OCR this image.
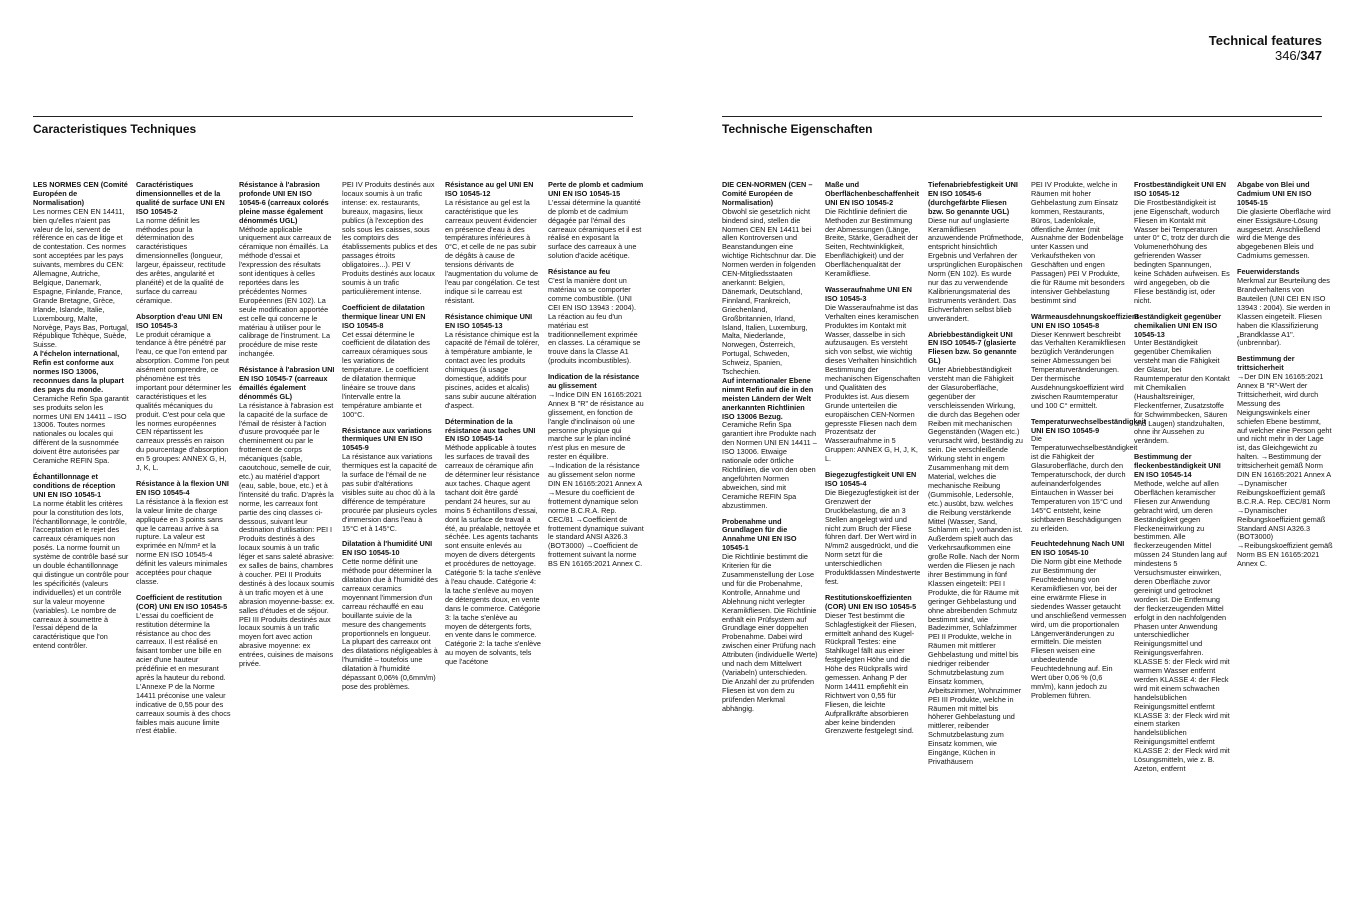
Technical features
346/347
Caracteristiques Techniques	Technische Eigenschaften
LES NORMES CEN (Comité Européen de Normalisation)

Les normes CEN EN 14411, bien qu'elles n'aient pas valeur de loi, servent de référence en cas de litige et de contestation. Ces normes sont acceptées par les pays suivants, membres du CEN: Allemagne, Autriche, Belgique, Danemark, Espagne, Finlande, France, Grande Bretagne, Grèce, Irlande, Islande, Italie, Luxembourg, Malte, Norvège, Pays Bas, Portugal, République Tchèque, Suède, Suisse.

A l'échelon international, Refin est conforme aux normes ISO 13006, reconnues dans la plupart des pays du monde.

Ceramiche Refin Spa garantit ses produits selon les normes UNI EN 14411 – ISO 13006. Toutes normes nationales ou locales qui diffèrent de la susnommée doivent être autorisées par Ceramiche REFIN Spa.

Échantillonnage et conditions de réception UNI EN ISO 10545-1

La norme établit les critères pour la constitution des lots, l'échantillonnage, le contrôle, l'acceptation et le rejet des carreaux céramiques non posés. La norme fournit un système de contrôle basé sur un double échantillonnage qui distingue un contrôle pour les spécificités (valeurs individuelles) et un contrôle sur la valeur moyenne (variables). Le nombre de carreaux à soumettre à l'essai dépend de la caractéristique que l'on entend contrôler.

Caractéristiques dimensionnelles et de la qualité de surface UNI EN ISO 10545-2

La norme définit les méthodes pour la détermination des caractéristiques dimensionnelles (longueur, largeur, épaisseur, rectitude des arêtes, angularité et planéité) et de la qualité de surface du carreau céramique.

Absorption d'eau UNI EN ISO 10545-3

Le produit céramique a tendance à être pénétré par l'eau, ce que l'on entend par absorption. Comme l'on peut aisément comprendre, ce phénomène est très important pour déterminer les caractéristiques et les qualités mécaniques du produit. C'est pour cela que les normes européennes CEN répartissent les carreaux pressés en raison du pourcentage d'absorption en 5 groupes: ANNEX G, H, J, K, L.

Résistance à la flexion UNI EN ISO 10545-4

La résistance à la flexion est la valeur limite de charge appliquée en 3 points sans que le carreau arrive à sa rupture. La valeur est exprimée en N/mm² et la norme EN ISO 10545-4 définit les valeurs minimales acceptées pour chaque classe.

Coefficient de restitution (COR) UNI EN ISO 10545-5

L'essai du coefficient de restitution détermine la résistance au choc des carreaux. Il est réalisé en faisant tomber une bille en acier d'une hauteur prédéfinie et en mesurant après la hauteur du rebond. L'Annexe P de la Norme 14411 préconise une valeur indicative de 0,55 pour des carreaux soumis à des chocs faibles mais aucune limite n'est établie.

Résistance à l'abrasion profonde UNI EN ISO 10545-6 (carreaux colorés pleine masse également dénommés UGL)

Méthode applicable uniquement aux carreaux de céramique non émaillés. La méthode d'essai et l'expression des résultats sont identiques à celles reportées dans les précédentes Normes Européennes (EN 102). La seule modification apportée est celle qui concerne le matériau à utiliser pour le calibrage de l'instrument. La procédure de mise reste inchangée.

Résistance à l'abrasion UNI EN ISO 10545-7 (carreaux émaillés également dénommés GL)

La résistance à l'abrasion est la capacité de la surface de l'émail de résister à l'action d'usure provoquée par le cheminement ou par le frottement de corps mécaniques (sable, caoutchouc, semelle de cuir, etc.) au matériel d'apport (eau, sable, boue, etc.) et à l'intensité du trafic. D'après la norme, les carreaux font partie des cinq classes ci-dessous, suivant leur destination d'utilisation: PEI I Produits destinés à des locaux soumis à un trafic léger et sans saleté abrasive: ex salles de bains, chambres à coucher. PEI II Produits destinés à des locaux soumis à un trafic moyen et à une abrasion moyenne-basse: ex. salles d'études et de séjour. PEI III Produits destinés aux locaux soumis à un trafic moyen fort avec action abrasive moyenne: ex entrées, cuisines de maisons privée.

PEI IV Produits destinés aux locaux soumis à un trafic intense: ex. restaurants, bureaux, magasins, lieux publics (à l'exception des sols sous les caisses, sous les comptoirs des établissements publics et des passages étroits obligatoires...). PEI V Produits destinés aux locaux soumis à un trafic particulièrement intense.

Coefficient de dilatation thermique linear UNI EN ISO 10545-8

Cet essai détermine le coefficient de dilatation des carreaux céramiques sous les variations de température. Le coefficient de dilatation thermique linéaire se trouve dans l'intervalle entre la température ambiante et 100°C.

Résistance aux variations thermiques UNI EN ISO 10545-9

La résistance aux variations thermiques est la capacité de la surface de l'émail de ne pas subir d'altérations visibles suite au choc dû à la différence de température procurée par plusieurs cycles d'immersion dans l'eau à 15°C et à 145°C.

Dilatation à l'humidité UNI EN ISO 10545-10

Cette norme définit une méthode pour déterminer la dilatation due à l'humidité des carreaux ceramics moyennant l'immersion d'un carreau réchauffé en eau bouillante suivie de la mesure des changements proportionnels en longueur. La plupart des carreaux ont des dilatations négligeables à l'humidité – toutefois une dilatation à l'humidité dépassant 0,06% (0,6mm/m) pose des problèmes.

Résistance au gel UNI EN ISO 10545-12

La résistance au gel est la caractéristique que les carreaux peuvent évidencier en présence d'eau à des températures inférieures à 0°C, et celle de ne pas subir de dégâts à cause de tensions dérivants de l'augmentation du volume de l'eau par congélation. Ce test indique si le carreau est résistant.

Résistance chimique UNI EN ISO 10545-13

La résistance chimique est la capacité de l'émail de tolérer, à température ambiante, le contact avec les produits chimiques (à usage domestique, additifs pour piscines, acides et alcalis) sans subir aucune altération d'aspect.

Détermination de la résistance aux taches UNI EN ISO 10545-14

Méthode applicable à toutes les surfaces de travail des carreaux de céramique afin de déterminer leur résistance aux taches. Chaque agent tachant doit être gardé pendant 24 heures, sur au moins 5 échantillons d'essai, dont la surface de travail a été, au préalable, nettoyée et séchée. Les agents tachants sont ensuite enlevés au moyen de divers détergents et procédures de nettoyage. Catégorie 5: la tache s'enlève à l'eau chaude. Catégorie 4: la tache s'enlève au moyen de détergents doux, en vente dans le commerce. Catégorie 3: la tache s'enlève au moyen de détergents forts, en vente dans le commerce. Catégorie 2: la tache s'enlève au moyen de solvants, tels que l'acétone

Perte de plomb et cadmium UNI EN ISO 10545-15

L'essai détermine la quantité de plomb et de cadmium dégagée par l'émail des carreaux céramiques et il est réalisé en exposant la surface des carreaux à une solution d'acide acétique.

Résistance au feu

C'est la manière dont un matériau va se comporter comme combustible. (UNI CEI EN ISO 13943 : 2004). La réaction au feu d'un matériau est traditionnellement exprimée en classes. La céramique se trouve dans la Classe A1 (produits incombustibles).

Indication de la résistance au glissement

→Indice DIN EN 16165:2021 Annex B "R" de résistance au glissement, en fonction de l'angle d'inclinaison où une personne physique qui marche sur le plan incliné n'est plus en mesure de rester en équilibre. →Indication de la résistance au glissement selon norme DIN EN 16165:2021 Annex A →Mesure du coefficient de frottement dynamique selon norme B.C.R.A. Rep. CEC/81 →Coefficient de frottement dynamique suivant le standard ANSI A326.3 (BOT3000) →Coefficient de frottement suivant la norme BS EN 16165:2021 Annex C.

DIE CEN-NORMEN (CEN – Comité Européen de Normalisation)

Obwohl sie gesetzlich nicht bindend sind, stellen die Normen CEN EN 14411 bei allen Kontroversen und Beanstandungen eine wichtige Richtschnur dar. Die Normen werden in folgenden CEN-Mitgliedsstaaten anerkannt: Belgien, Dänemark, Deutschland, Finnland, Frankreich, Griechenland, Großbritannien, Irland, Island, Italien, Luxemburg, Malta, Niederlande, Norwegen, Österreich, Portugal, Schweden, Schweiz, Spanien, Tschechien.

Auf internationaler Ebene nimmt Refin auf die in den meisten Ländern der Welt anerkannten Richtlinien ISO 13006 Bezug.

Ceramiche Refin Spa garantiert ihre Produkte nach den Normen UNI EN 14411 – ISO 13006. Etwaige nationale oder örtliche Richtlinien, die von den oben angeführten Normen abweichen, sind mit Ceramiche REFIN Spa abzustimmen.

Probenahme und Grundlagen für die Annahme UNI EN ISO 10545-1

Die Richtlinie bestimmt die Kriterien für die Zusammenstellung der Lose und für die Probenahme, Kontrolle, Annahme und Ablehnung nicht verlegter Keramikfliesen. Die Richtlinie enthält ein Prüfsystem auf Grundlage einer doppelten Probenahme. Dabei wird zwischen einer Prüfung nach Attributen (individuelle Werte) und nach dem Mittelwert (Variabeln) unterschieden. Die Anzahl der zu prüfenden Fliesen ist von dem zu prüfenden Merkmal abhängig.

Maße und Oberflächenbeschaffenheit UNI EN ISO 10545-2

Die Richtlinie definiert die Methoden zur Bestimmung der Abmessungen (Länge, Breite, Stärke, Geradheit der Seiten, Rechtwinkligkeit, Ebenflächigkeit) und der Oberflächenqualität der Keramikfliese.

Wasseraufnahme UNI EN ISO 10545-3

Die Wasseraufnahme ist das Verhalten eines keramischen Produktes im Kontakt mit Wasser, dasselbe in sich aufzusaugen. Es versteht sich von selbst, wie wichtig dieses Verhalten hinsichtlich Bestimmung der mechanischen Eigenschaften und Qualitäten des Produktes ist. Aus diesem Grunde unterteilen die europäischen CEN-Normen gepresste Fliesen nach dem Prozentsatz der Wasseraufnahme in 5 Gruppen: ANNEX G, H, J, K, L.

Biegezugfestigkeit UNI EN ISO 10545-4

Die Biegezugfestigkeit ist der Grenzwert der Druckbelastung, die an 3 Stellen angelegt wird und nicht zum Bruch der Fliese führen darf. Der Wert wird in N/mm2 ausgedrückt, und die Norm setzt für die unterschiedlichen Produktklassen Mindestwerte fest.

Restitutionskoeffizienten (COR) UNI EN ISO 10545-5

Dieser Test bestimmt die Schlagfestigkeit der Fliesen, ermittelt anhand des Kugel-Rückprall Testes: eine Stahlkugel fällt aus einer festgelegten Höhe und die Höhe des Rückpralls wird gemessen. Anhang P der Norm 14411 empfiehlt ein Richtwert von 0,55 für Fliesen, die leichte Aufprallkräfte absorbieren aber keine bindenden Grenzwerte festgelegt sind.

Tiefenabriebfestigkeit UNI EN ISO 10545-6 (durchgefärbte Fliesen bzw. So genannte UGL)

Diese nur auf unglasierte Keramikfliesen anzuwendende Prüfmethode, entspricht hinsichtlich Ergebnis und Verfahren der ursprünglichen Europäischen Norm (EN 102). Es wurde nur das zu verwendende Kalibrierungsmaterial des Instruments verändert. Das Eichverfahren selbst blieb unverändert.

Abriebbeständigkeit UNI EN ISO 10545-7 (glasierte Fliesen bzw. So genannte GL)

Unter Abriebbeständigkeit versteht man die Fähigkeit der Glasuroberfläche, gegenüber der verschleissenden Wirkung, die durch das Begehen oder Reiben mit mechanischen Gegenständen (Wagen etc.) verursacht wird, beständig zu sein. Die verschleißende Wirkung steht in engem Zusammenhang mit dem Material, welches die mechanische Reibung (Gummisohle, Ledersohle, etc.) ausübt, bzw. welches die Reibung verstärkende Mittel (Wasser, Sand, Schlamm etc.) vorhanden ist. Außerdem spielt auch das Verkehrsaufkommen eine große Rolle. Nach der Norm werden die Fliesen je nach ihrer Bestimmung in fünf Klassen eingeteilt: PEI I Produkte, die für Räume mit geringer Gehbelastung und ohne abreibenden Schmutz bestimmt sind, wie Badezimmer, Schlafzimmer PEI II Produkte, welche in Räumen mit mittlerer Gehbelastung und mittel bis niedriger reibender Schmutzbelastung zum Einsatz kommen, Arbeitszimmer, Wohnzimmer PEI III Produkte, welche in Räumen mit mittel bis höherer Gehbelastung und mittlerer, reibender Schmutzbelastung zum Einsatz kommen, wie Eingänge, Küchen in Privathäusern

PEI IV Produkte, welche in Räumen mit hoher Gehbelastung zum Einsatz kommen, Restaurants, Büros, Ladenlokale, öffentliche Ämter (mit Ausnahme der Bodenbeläge unter Kassen und Verkaufstheken von Geschäften und engen Passagen) PEI V Produkte, die für Räume mit besonders intensiver Gehbelastung bestimmt sind

Wärmeausdehnungskoeffizient UNI EN ISO 10545-8

Dieser Kennwert beschreibt das Verhalten Keramikfliesen bezüglich Veränderungen seiner Abmessungen bei Temperaturveränderungen. Der thermische Ausdehnungskoeffizient wird zwischen Raumtemperatur und 100 C° ermittelt.

Temperaturwechselbeständigkeit UNI EN ISO 10545-9

Die Temperaturwechselbeständigkeit ist die Fähigkeit der Glasuroberfläche, durch den Temperaturschock, der durch aufeinanderfolgendes Eintauchen in Wasser bei Temperaturen von 15°C und 145°C entsteht, keine sichtbaren Beschädigungen zu erleiden.

Feuchtedehnung Nach UNI EN ISO 10545-10

Die Norm gibt eine Methode zur Bestimmung der Feuchtedehnung von Keramikfliesen vor, bei der eine erwärmte Fliese in siedendes Wasser getaucht und anschließend vermessen wird, um die proportionalen Längenveränderungen zu ermitteln. Die meisten Fliesen weisen eine unbedeutende Feuchtedehnung auf. Ein Wert über 0,06 % (0,6 mm/m), kann jedoch zu Problemen führen.

Frostbeständigkeit UNI EN ISO 10545-12

Die Frostbeständigkeit ist jene Eigenschaft, wodurch Fliesen im Kontakt mit Wasser bei Temperaturen unter 0° C, trotz der durch die Volumenerhöhung des gefrierenden Wasser bedingten Spannungen, keine Schäden aufweisen. Es wird angegeben, ob die Fliese beständig ist, oder nicht.

Beständigkeit gegenüber chemikalien UNI EN ISO 10545-13

Unter Beständigkeit gegenüber Chemikalien versteht man die Fähigkeit der Glasur, bei Raumtemperatur den Kontakt mit Chemikalien (Haushaltsreiniger, Fleckentferner, Zusatzstoffe für Schwimmbecken, Säuren und Laugen) standzuhalten, ohne ihr Aussehen zu verändern.

Bestimmung der fleckenbeständigkeit UNI EN ISO 10545-14

Methode, welche auf allen Oberflächen keramischer Fliesen zur Anwendung gebracht wird, um deren Beständigkeit gegen Fleckeneinwirkung zu bestimmen. Alle fleckerzeugenden Mittel müssen 24 Stunden lang auf mindestens 5 Versuchsmuster einwirken, deren Oberfläche zuvor gereinigt und getrocknet worden ist. Die Entfernung der fleckerzeugenden Mittel erfolgt in den nachfolgenden Phasen unter Anwendung unterschiedlicher Reinigungsmittel und Reinigungsverfahren. KLASSE 5: der Fleck wird mit warmem Wasser entfernt werden KLASSE 4: der Fleck wird mit einem schwachen handelsüblichen Reinigungsmittel entfernt KLASSE 3: der Fleck wird mit einem starken handelsüblichen Reinigungsmittel entfernt KLASSE 2: der Fleck wird mit Lösungsmitteln, wie z. B. Azeton, entfernt

Abgabe von Blei und Cadmium UNI EN ISO 10545-15

Die glasierte Oberfläche wird einer Essigsäure-Lösung ausgesetzt. Anschließend wird die Menge des abgegebenen Bleis und Cadmiums gemessen.

Feuerwiderstands

Merkmal zur Beurteilung des Brandverhaltens von Bauteilen (UNI CEI EN ISO 13943 : 2004). Sie werden in Klassen eingeteilt. Fliesen haben die Klassifizierung „Brandklasse A1". (unbrennbar).

Bestimmung der trittsicherheit

→Der DIN EN 16165:2021 Annex B "R"-Wert der Trittsicherheit, wird durch Messung des Neigungswinkels einer schiefen Ebene bestimmt, auf welcher eine Person geht und nicht mehr in der Lage ist, das Gleichgewicht zu halten. →Bestimmung der trittsicherheit gemäß Norm DIN EN 16165:2021 Annex A →Dynamischer Reibungskoeffizient gemäß B.C.R.A. Rep. CEC/81 Norm →Dynamischer Reibungskoeffizient gemäß Standard ANSI A326.3 (BOT3000) →Reibungskoeffizient gemäß Norm BS EN 16165:2021 Annex C.
